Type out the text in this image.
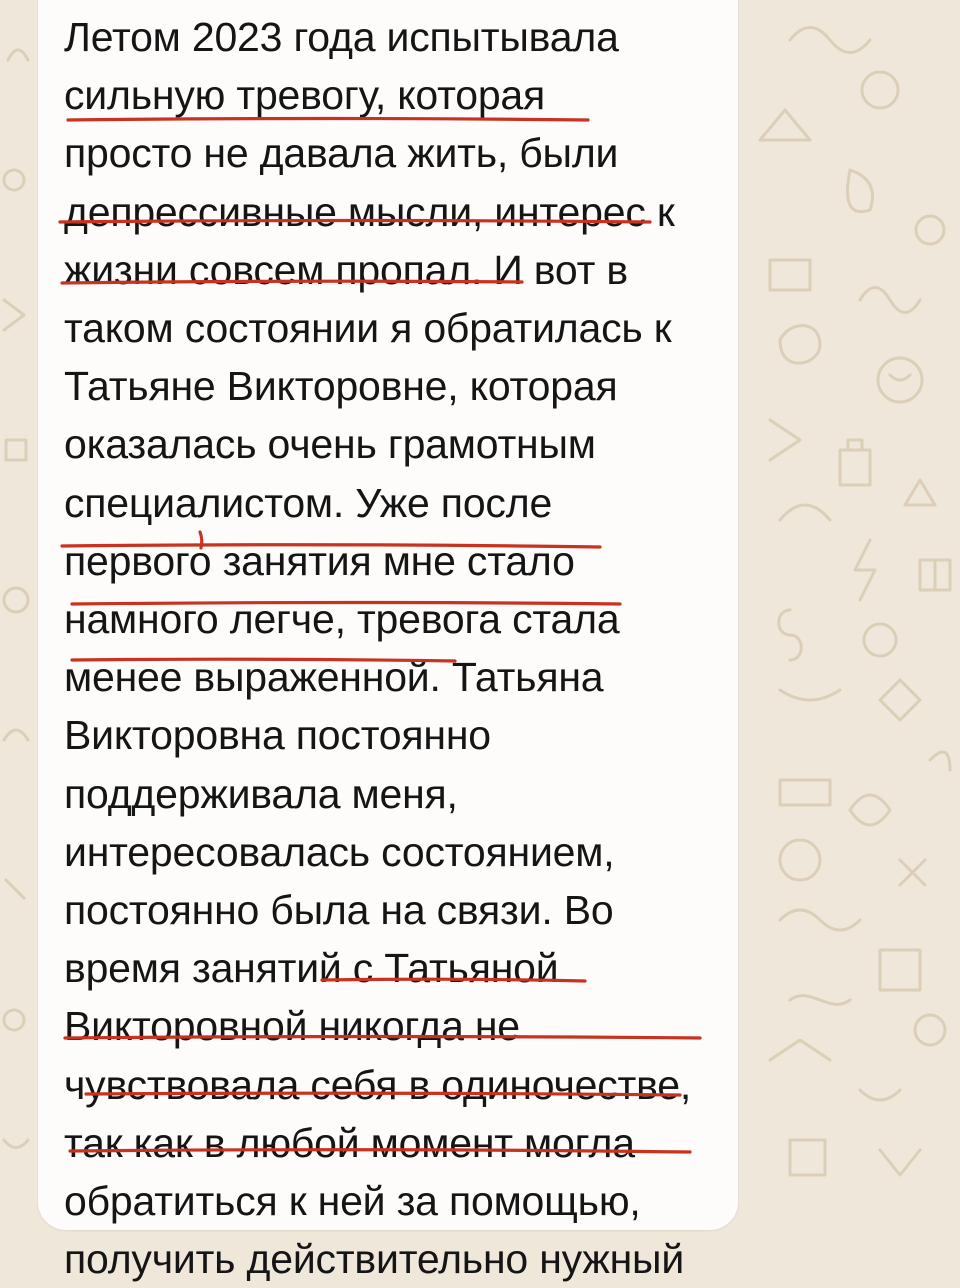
Летом 2023 года испытывала
сильную тревогу, которая
просто не давала жить, были
депрессивные мысли, интерес к
жизни совсем пропал. И вот в
таком состоянии я обратилась к
Татьяне Викторовне, которая
оказалась очень грамотным
специалистом. Уже после
первого занятия мне стало
намного легче, тревога стала
менее выраженной. Татьяна
Викторовна постоянно
поддерживала меня,
интересовалась состоянием,
постоянно была на связи. Во
время занятий с Татьяной
Викторовной никогда не
чувствовала себя в одиночестве,
так как в любой момент могла
обратиться к ней за помощью,
получить действительно нужный
